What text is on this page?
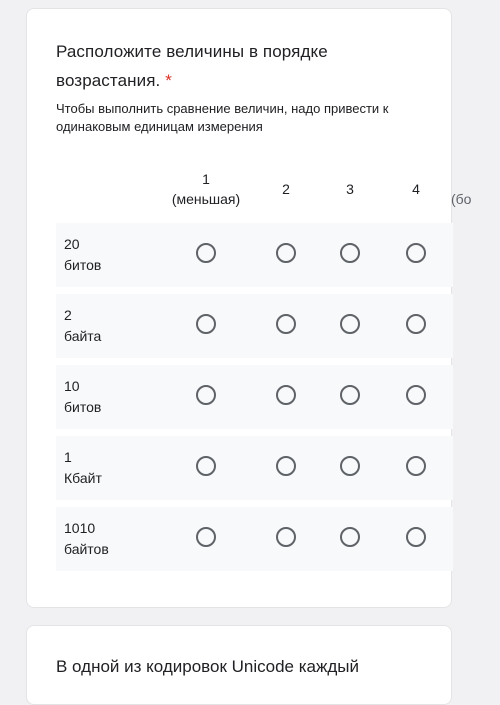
Расположите величины в порядке возрастания. *
Чтобы выполнить сравнение величин, надо привести к одинаковым единицам измерения
1
(меньшая)
2	3	4
(бо
20
битов
2
байта
10
битов
1
Кбайт
1010
байтов
В одной из кодировок Unicode каждый
